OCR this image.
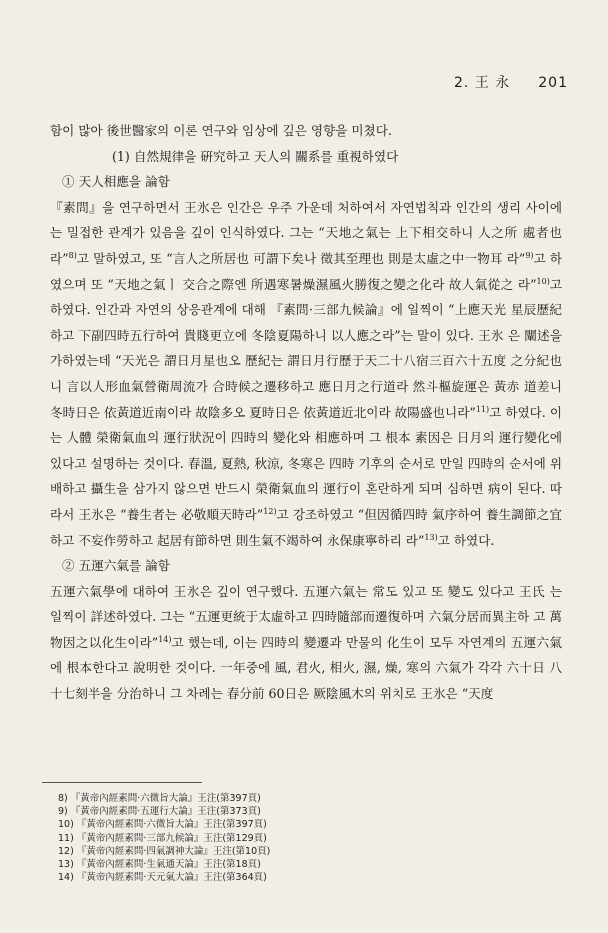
2. 王 永 201

함이 많아 後世醫家의 이론 연구와 임상에 깊은 영향을 미쳤다.

(1) 自然規律을 硏究하고 天人의 關系를 重視하였다

① 天人相應을 論함

『素問』을 연구하면서 王氷은 인간은 우주 가운데 처하여서 자연법칙과 인간의 생리 사이에는 밀접한 관계가 있음을 깊이 인식하였다. 그는 “天地之氣는 上下相交하니 人之所 處者也라”$^{8)}$고 말하였고, 또 “言人之所居也 可謂下矣나 徵其至理也 則是太虛之中一物耳 라”$^{9)}$고 하였으며 또 “天地之氣ㅣ 交合之際엔 所遇寒暑燥濕風火勝復之變之化라 故人氣從之 라”$^{10)}$고 하였다. 인간과 자연의 상응관계에 대해 『素問·三部九候論』에 일찍이 “上應天光 星辰歷紀하고 下副四時五行하여 貴賤更立에 冬陰夏陽하니 以人應之라”는 말이 있다. 王氷 은 闡述을 가하였는데 “天光은 謂日月星也오 歷紀는 謂日月行歷于天二十八宿三百六十五度 之分紀也니 言以人形血氣營衛周流가 合時候之遷移하고 應日月之行道라 然斗樞旋運은 黃赤 道差니 冬時日은 依黃道近南이라 故陰多오 夏時日은 依黃道近北이라 故陽盛也니라”$^{11)}$고 하였다. 이는 人體 榮衛氣血의 運行狀況이 四時의 變化와 相應하며 그 根本 素因은 日月의 運行變化에 있다고 설명하는 것이다. 春溫, 夏熱, 秋涼, 冬寒은 四時 기후의 순서로 만일 四時의 순서에 위배하고 攝生을 삼가지 않으면 반드시 榮衛氣血의 運行이 혼란하게 되며 심하면 病이 된다. 따라서 王氷은 “養生者는 必敬順天時라”$^{12)}$고 강조하였고 “但因循四時 氣序하여 養生調節之宜하고 不妄作勞하고 起居有節하면 則生氣不竭하여 永保康寧하리 라”$^{13)}$고 하였다.

② 五運六氣를 論함

五運六氣學에 대하여 王氷은 깊이 연구했다. 五運六氣는 常도 있고 또 變도 있다고 王氏 는 일찍이 詳述하였다. 그는 “五運更統于太虛하고 四時隨部而遷復하며 六氣分居而異主하 고 萬物因之以化生이라”$^{14)}$고 했는데, 이는 四時의 變遷과 만물의 化生이 모두 자연계의 五運六氣에 根本한다고 說明한 것이다. 一年중에 風, 君火, 相火, 濕, 燥, 寒의 六氣가 각각 六十日 八十七刻半을 分治하니 그 차례는 春分前 60日은 厥陰風木의 위치로 王氷은 “天度

8) 『黃帝內經素問·六微旨大論』王注(第397頁)
9) 『黃帝內經素問·五運行大論』王注(第373頁)
10) 『黃帝內經素問·六微旨大論』王注(第397頁)
11) 『黃帝內經素問·三部九候論』王注(第129頁)
12) 『黃帝內經素問·四氣調神大論』王注(第10頁)
13) 『黃帝內經素問·生氣通天論』王注(第18頁)
14) 『黃帝內經素問·天元氣大論』王注(第364頁)
